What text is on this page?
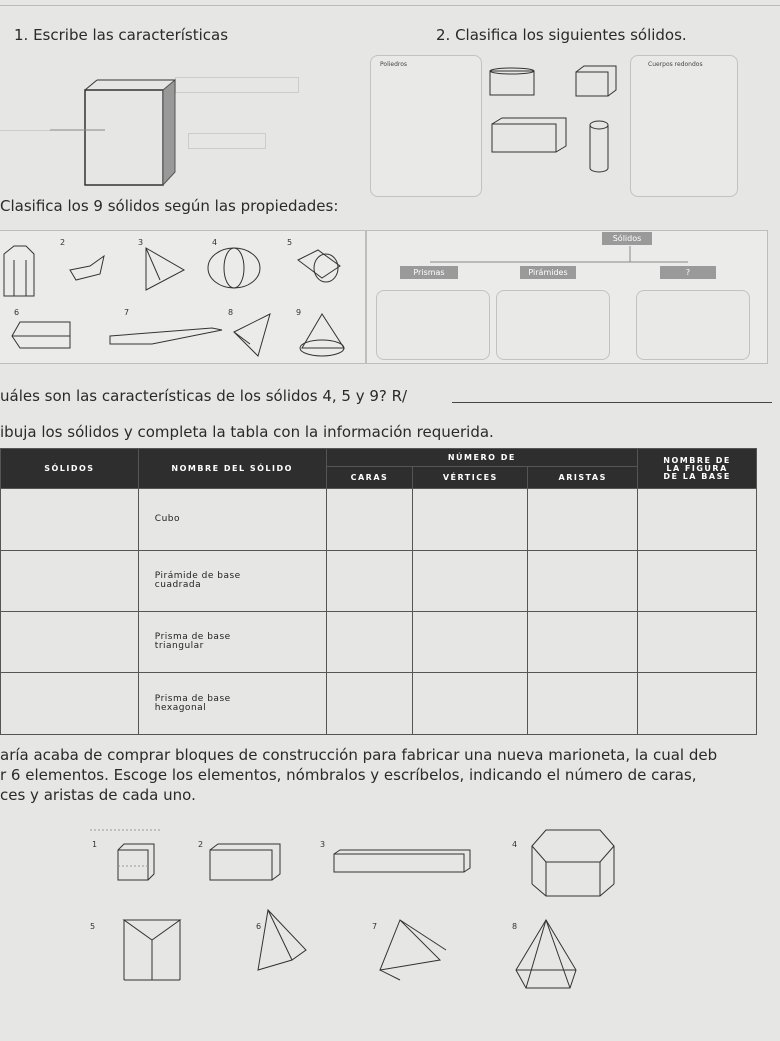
1. Escribe las características	2. Clasifica los siguientes sólidos.
Poliedros	Cuerpos redondos
Clasifica los 9 sólidos según las propiedades:
2	3	4	5
6	7	8	9
Sólidos
Prismas	Pirámides	?
uáles son las características de los sólidos 4, 5 y 9? R/
ibuja los sólidos y completa la tabla con la información requerida.
SÓLIDOS	NOMBRE DEL SÓLIDO	NÚMERO DE			NOMBRE DE
LA FIGURA
DE LA BASE

		CARAS	VÉRTICES	ARISTAS	

	Cubo				

	Pirámide de base
cuadrada				

	Prisma de base
triangular				

	Prisma de base
hexagonal				

aría acaba de comprar bloques de construcción para fabricar una nueva marioneta, la cual deb
r 6 elementos. Escoge los elementos, nómbralos y escríbelos, indicando el número de caras,
ces y aristas de cada uno.
1	2	3	4
5	6	7	8
